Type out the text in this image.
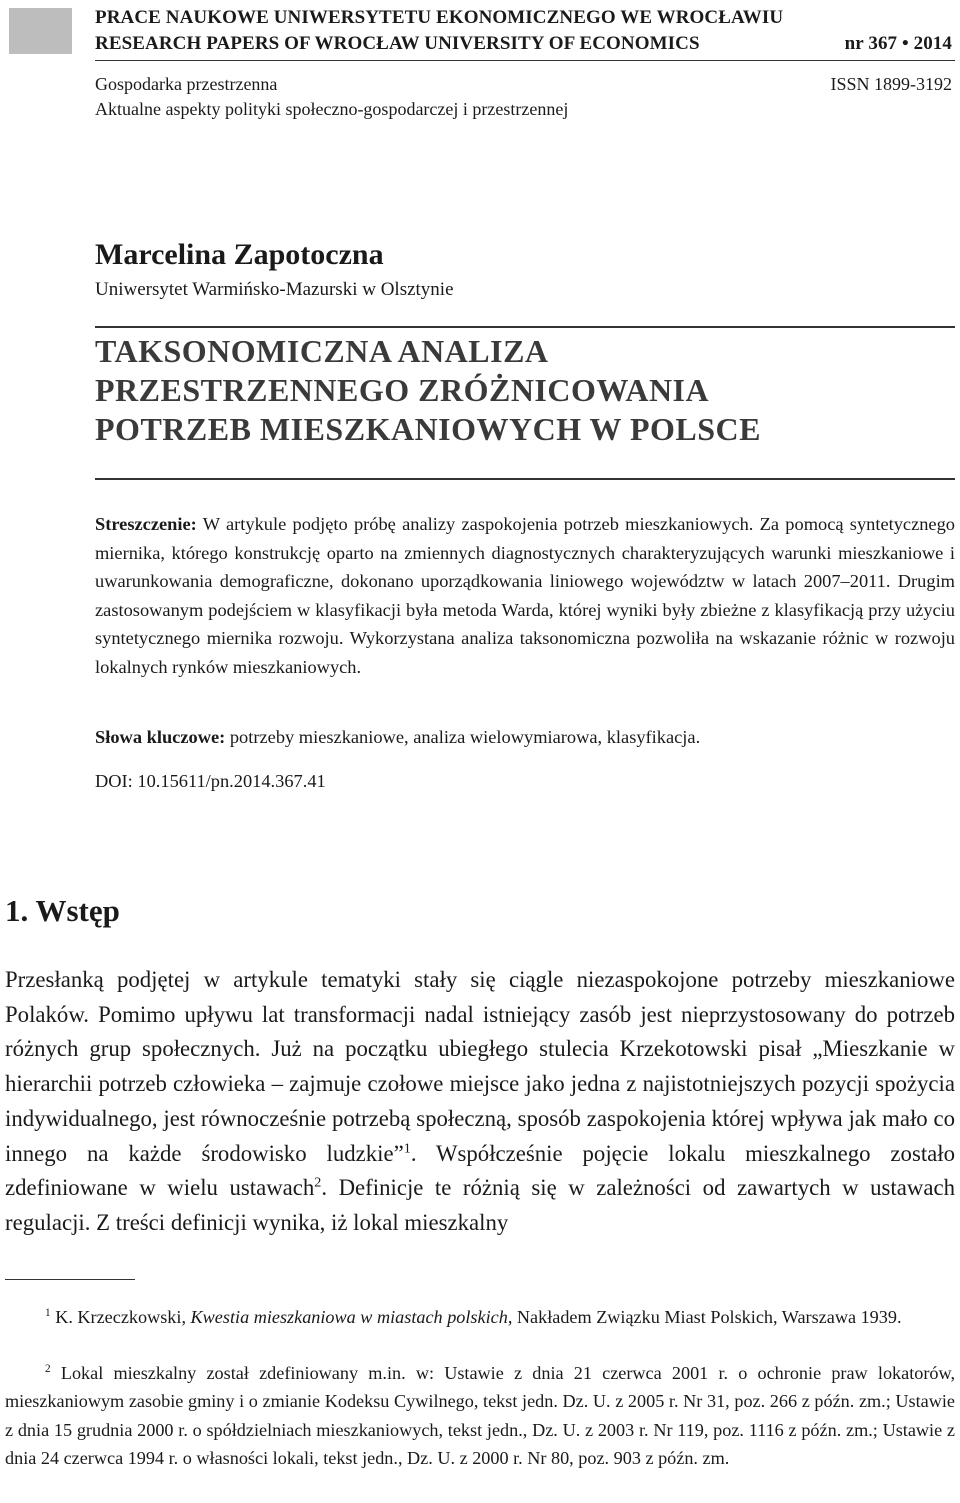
PRACE NAUKOWE UNIWERSYTETU EKONOMICZNEGO WE WROCŁAWIU
RESEARCH PAPERS OF WROCŁAW UNIVERSITY OF ECONOMICS	nr 367 • 2014
Gospodarka przestrzenna
Aktualne aspekty polityki społeczno-gospodarczej i przestrzennej
ISSN 1899-3192
Marcelina Zapotoczna
Uniwersytet Warmińsko-Mazurski w Olsztynie
TAKSONOMICZNA ANALIZA
PRZESTRZENNEGO ZRÓŻNICOWANIA
POTRZEB MIESZKANIOWYCH W POLSCE
Streszczenie: W artykule podjęto próbę analizy zaspokojenia potrzeb mieszkaniowych. Za pomocą syntetycznego miernika, którego konstrukcję oparto na zmiennych diagnostycznych charakteryzujących warunki mieszkaniowe i uwarunkowania demograficzne, dokonano uporządkowania liniowego województw w latach 2007–2011. Drugim zastosowanym podejściem w klasyfikacji była metoda Warda, której wyniki były zbieżne z klasyfikacją przy użyciu syntetycznego miernika rozwoju. Wykorzystana analiza taksonomiczna pozwoliła na wskazanie różnic w rozwoju lokalnych rynków mieszkaniowych.
Słowa kluczowe: potrzeby mieszkaniowe, analiza wielowymiarowa, klasyfikacja.
DOI: 10.15611/pn.2014.367.41
1. Wstęp
Przesłanką podjętej w artykule tematyki stały się ciągle niezaspokojone potrzeby mieszkaniowe Polaków. Pomimo upływu lat transformacji nadal istniejący zasób jest nieprzystosowany do potrzeb różnych grup społecznych. Już na początku ubiegłego stulecia Krzekotowski pisał „Mieszkanie w hierarchii potrzeb człowieka – zajmuje czołowe miejsce jako jedna z najistotniejszych pozycji spożycia indywidualnego, jest równocześnie potrzebą społeczną, sposób zaspokojenia której wpływa jak mało co innego na każde środowisko ludzkie”$^1$. Współcześnie pojęcie lokalu mieszkalnego zostało zdefiniowane w wielu ustawach$^2$. Definicje te różnią się w zależności od zawartych w ustawach regulacji. Z treści definicji wynika, iż lokal mieszkalny
$^1$ K. Krzeczkowski, Kwestia mieszkaniowa w miastach polskich, Nakładem Związku Miast Polskich, Warszawa 1939.
$^2$ Lokal mieszkalny został zdefiniowany m.in. w: Ustawie z dnia 21 czerwca 2001 r. o ochronie praw lokatorów, mieszkaniowym zasobie gminy i o zmianie Kodeksu Cywilnego, tekst jedn. Dz. U. z 2005 r. Nr 31, poz. 266 z późn. zm.; Ustawie z dnia 15 grudnia 2000 r. o spółdzielniach mieszkaniowych, tekst jedn., Dz. U. z 2003 r. Nr 119, poz. 1116 z późn. zm.; Ustawie z dnia 24 czerwca 1994 r. o własności lokali, tekst jedn., Dz. U. z 2000 r. Nr 80, poz. 903 z późn. zm.
